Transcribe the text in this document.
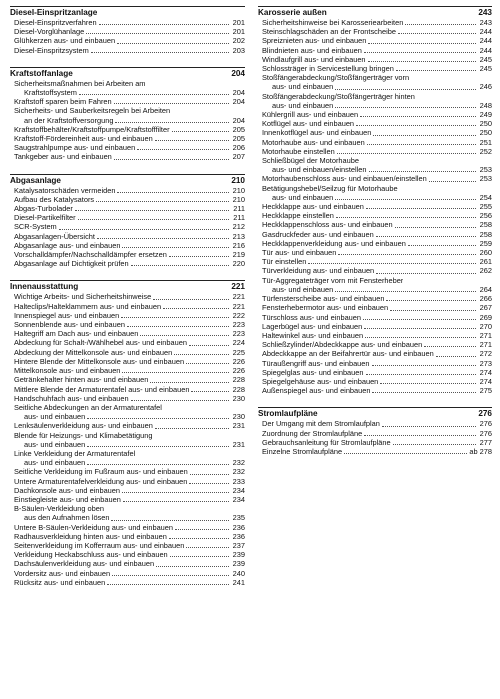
Diesel-Einspritzanlage
Diesel-Einspritzverfahren	201
Diesel-Vorglühanlage	201
Glühkerzen aus- und einbauen	202
Diesel-Einspritzsystem	203
Kraftstoffanlage	204
Sicherheitsmaßnahmen bei Arbeiten am
Kraftstoffsystem	204
Kraftstoff sparen beim Fahren	204
Sicherheits- und Sauberkeitsregeln bei Arbeiten
an der Kraftstoffversorgung	204
Kraftstoffbehälter/Kraftstoffpumpe/Kraftstofffilter	205
Kraftstoff-Fördereinheit aus- und einbauen	205
Saugstrahlpumpe aus- und einbauen	206
Tankgeber aus- und einbauen	207
Abgasanlage	210
Katalysatorschäden vermeiden	210
Aufbau des Katalysators	210
Abgas-Turbolader	211
Diesel-Partikelfilter	211
SCR-System	212
Abgasanlagen-Übersicht	213
Abgasanlage aus- und einbauen	216
Vorschalldämpfer/Nachschalldämpfer ersetzen	219
Abgasanlage auf Dichtigkeit prüfen	220
Innenausstattung	221
Wichtige Arbeits- und Sicherheitshinweise	221
Halteclips/Halteklammern aus- und einbauen	221
Innenspiegel aus- und einbauen	222
Sonnenblende aus- und einbauen	223
Haltegriff am Dach aus- und einbauen	223
Abdeckung für Schalt-/Wählhebel aus- und einbauen	224
Abdeckung der Mittelkonsole aus- und einbauen	225
Hintere Blende der Mittelkonsole aus- und einbauen	226
Mittelkonsole aus- und einbauen	226
Getränkehalter hinten aus- und einbauen	228
Mittlere Blende der Armaturentafel aus- und einbauen	228
Handschuhfach aus- und einbauen	230
Seitliche Abdeckungen an der Armaturentafel
aus- und einbauen	230
Lenksäulenverkleidung aus- und einbauen	231
Blende für Heizungs- und Klimabetätigung
aus- und einbauen	231
Linke Verkleidung der Armaturentafel
aus- und einbauen	232
Seitliche Verkleidung im Fußraum aus- und einbauen	232
Untere Armaturentafelverkleidung aus- und einbauen	233
Dachkonsole aus- und einbauen	234
Einstiegleiste aus- und einbauen	234
B-Säulen-Verkleidung oben
aus den Aufnahmen lösen	235
Untere B-Säulen-Verkleidung aus- und einbauen	236
Radhausverkleidung hinten aus- und einbauen	236
Seitenverkleidung im Kofferraum aus- und einbauen	237
Verkleidung Heckabschluss aus- und einbauen	239
Dachsäulenverkleidung aus- und einbauen	239
Vordersitz aus- und einbauen	240
Rücksitz aus- und einbauen	241
Karosserie außen	243
Sicherheitshinweise bei Karosseriearbeiten	243
Steinschlagschäden an der Frontscheibe	244
Spreiznieten aus- und einbauen	244
Blindnieten aus- und einbauen	244
Windlaufgrill aus- und einbauen	245
Schlossträger in Servicestellung bringen	245
Stoßfängerabdeckung/Stoßfängerträger vorn
aus- und einbauen	246
Stoßfängerabdeckung/Stoßfängerträger hinten
aus- und einbauen	248
Kühlergrill aus- und einbauen	249
Kotflügel aus- und einbauen	250
Innenkotflügel aus- und einbauen	250
Motorhaube aus- und einbauen	251
Motorhaube einstellen	252
Schließbügel der Motorhaube
aus- und einbauen/einstellen	253
Motorhaubenschloss aus- und einbauen/einstellen	253
Betätigungshebel/Seilzug für Motorhaube
aus- und einbauen	254
Heckklappe aus- und einbauen	255
Heckklappe einstellen	256
Heckklappenschloss aus- und einbauen	258
Gasdruckfeder aus- und einbauen	258
Heckklappenverkleidung aus- und einbauen	259
Tür aus- und einbauen	260
Tür einstellen	261
Türverkleidung aus- und einbauen	262
Tür-Aggregateträger vorn mit Fensterheber
aus- und einbauen	264
Türfensterscheibe aus- und einbauen	266
Fensterhebermotor aus- und einbauen	267
Türschloss aus- und einbauen	269
Lagerbügel aus- und einbauen	270
Haltewinkel aus- und einbauen	271
Schließzylinder/Abdeckkappe aus- und einbauen	271
Abdeckkappe an der Beifahrertür aus- und einbauen	272
Türaußengriff aus- und einbauen	273
Spiegelglas aus- und einbauen	274
Spiegelgehäuse aus- und einbauen	274
Außenspiegel aus- und einbauen	275
Stromlaufpläne	276
Der Umgang mit dem Stromlaufplan	276
Zuordnung der Stromlaufpläne	276
Gebrauchsanleitung für Stromlaufpläne	277
Einzelne Stromlaufpläne	ab 278
